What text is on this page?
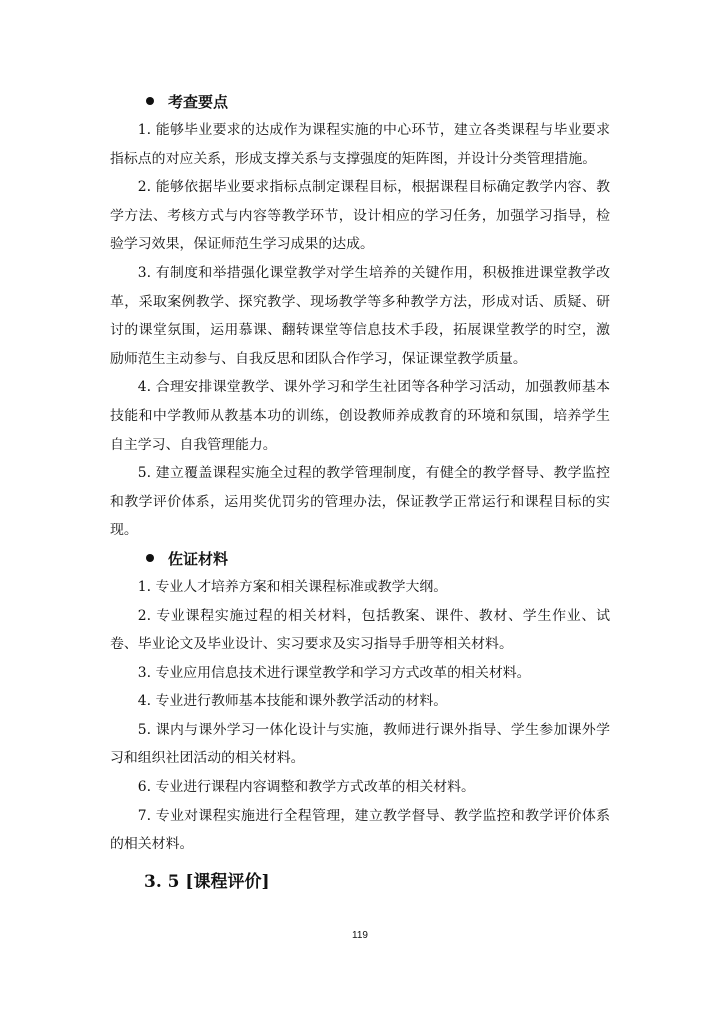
考查要点

1. 能够毕业要求的达成作为课程实施的中心环节，建立各类课程与毕业要求指标点的对应关系，形成支撑关系与支撑强度的矩阵图，并设计分类管理措施。

2. 能够依据毕业要求指标点制定课程目标，根据课程目标确定教学内容、教学方法、考核方式与内容等教学环节，设计相应的学习任务，加强学习指导，检验学习效果，保证师范生学习成果的达成。

3. 有制度和举措强化课堂教学对学生培养的关键作用，积极推进课堂教学改革，采取案例教学、探究教学、现场教学等多种教学方法，形成对话、质疑、研讨的课堂氛围，运用慕课、翻转课堂等信息技术手段，拓展课堂教学的时空，激励师范生主动参与、自我反思和团队合作学习，保证课堂教学质量。

4. 合理安排课堂教学、课外学习和学生社团等各种学习活动，加强教师基本技能和中学教师从教基本功的训练，创设教师养成教育的环境和氛围，培养学生自主学习、自我管理能力。

5. 建立覆盖课程实施全过程的教学管理制度，有健全的教学督导、教学监控和教学评价体系，运用奖优罚劣的管理办法，保证教学正常运行和课程目标的实现。

佐证材料

1. 专业人才培养方案和相关课程标准或教学大纲。

2. 专业课程实施过程的相关材料，包括教案、课件、教材、学生作业、试卷、毕业论文及毕业设计、实习要求及实习指导手册等相关材料。

3. 专业应用信息技术进行课堂教学和学习方式改革的相关材料。

4. 专业进行教师基本技能和课外教学活动的材料。

5. 课内与课外学习一体化设计与实施，教师进行课外指导、学生参加课外学习和组织社团活动的相关材料。

6. 专业进行课程内容调整和教学方式改革的相关材料。

7. 专业对课程实施进行全程管理，建立教学督导、教学监控和教学评价体系的相关材料。

3. 5 [课程评价]
119
